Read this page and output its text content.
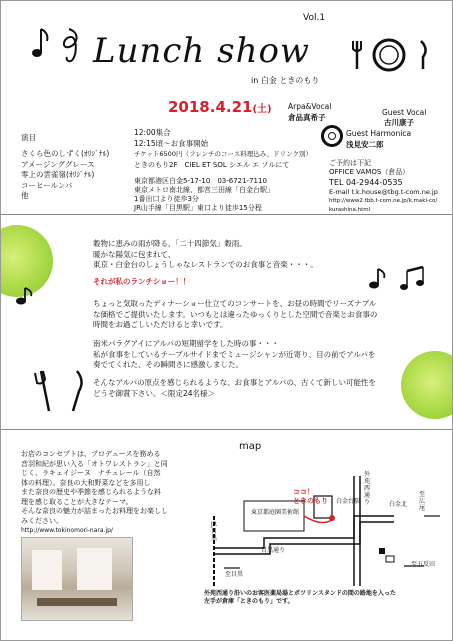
Vol.1
Lunch show
in 白金 ときのもり
2018.4.21(土) Arpa&Vocal
倉品真希子
Guest Vocal
古川康子
Guest Harmonica
浅見安二郎
演目
さくら色のしずく(ｵﾘｼﾞﾅﾙ)
アメージンググレース
零上の雲雀嶺(ｵﾘｼﾞﾅﾙ)
コーヒールンバ
他
12:00集合
12:15頃～お食事開始
チケット6500円（フレンチのコース料理込み、ドリンク別）
ときのもり2F　CIEL ET SOL シエル エ ソルにて
東京都港区白金5-17-10　03-6721-7110
東京メトロ南北線、都営三田線「白金台駅」
1番出口より徒歩3分
JR山手線「目黒駅」東口より徒歩15分程
ご予約は下記
OFFICE VAMOS（倉品）
TEL 04-2944-0535
E-mail t.k.house@tbg.t-com.ne.jp
http://www2.tbb.t-com.ne.jp/k.maki-co/
kurashina.html
穀物に恵みの雨が降る、「二十四節気」穀雨。
暖かな陽気に包まれて、
東京・白金台のしょうしゃなレストランでのお食事と音楽・・・。
それが私のランチショー！！
ちょっと気取ったディナーショー仕立てのコンサートを、お昼の時間でリーズナブル
な価格でご提供いたします。いつもとは違ったゆっくりとした空間で音楽とお食事の
時間をお過ごしいただけると幸いです。
南米パラグアイにアルパの短期留学をした時の事・・・
私が食事をしているテーブルサイドまでミュージシャンが近寄り、目の前でアルパを
奏でてくれた、その瞬間さに感激しました。
そんなアルパの原点を感じられるような、お食事とアルパの、古くて新しい可能性を
どうぞ御賞下さい。＜限定24名様＞
お店のコンセプトは、プロデュースを務める
音羽和紀が思い入る「オトワレストラン」と同
じく、ラキェイジーヌ　ナチュレール（自然
体の料理）。奈良の大和野菜などを多用し
また奈良の歴史や季節を感じられるような料
理を感じ取ることが大きなテーマ。
そんな奈良の魅力が詰まったお料理をお楽しし
みください。
http://www.tokinomori-nara.jp/
map
ココ！
ときのもり
JR目黒
東京都庭園美術館
白金台駅
目黒通り
外苑西通り
至目黒
至五反田
白金北
至広尾
外苑西通り沿いのお客医薬局湯とポツリンスタンドの間の路地を入った
左手が倉庫「ときのもり」です。
